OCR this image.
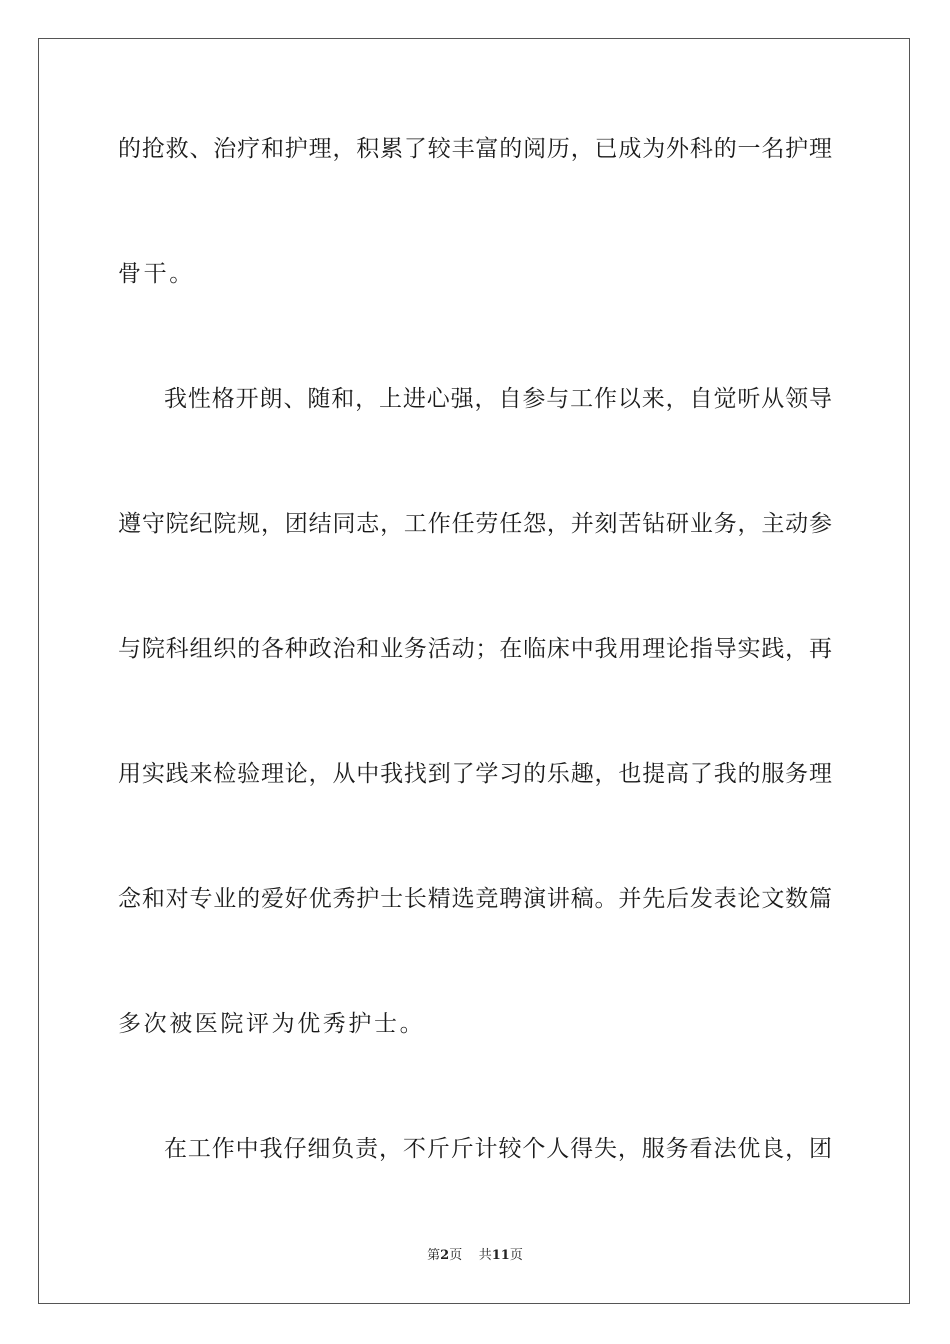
的抢救、治疗和护理，积累了较丰富的阅历，已成为外科的一名护理
骨干。
我性格开朗、随和，上进心强，自参与工作以来，自觉听从领导
遵守院纪院规，团结同志，工作任劳任怨，并刻苦钻研业务，主动参
与院科组织的各种政治和业务活动；在临床中我用理论指导实践，再
用实践来检验理论，从中我找到了学习的乐趣，也提高了我的服务理
念和对专业的爱好优秀护士长精选竞聘演讲稿。并先后发表论文数篇
多次被医院评为优秀护士。
在工作中我仔细负责，不斤斤计较个人得失，服务看法优良，团
第2页 共11页
